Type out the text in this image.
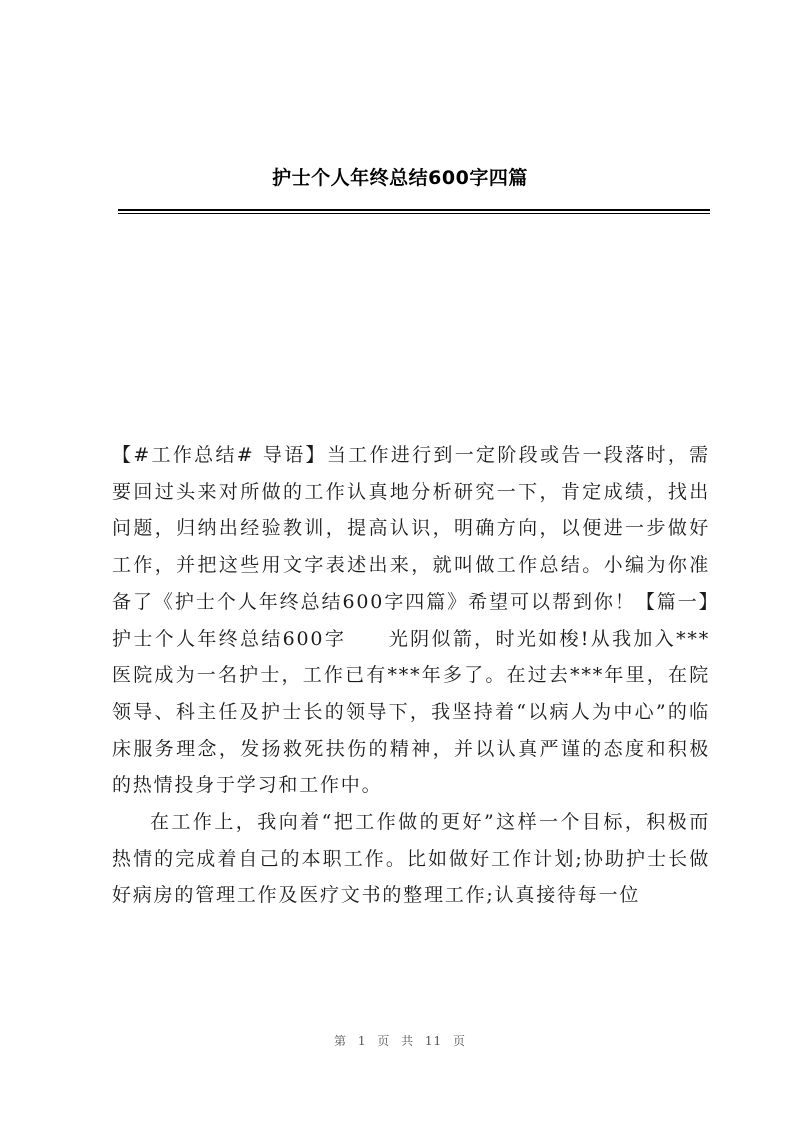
护士个人年终总结600字四篇

【#工作总结# 导语】当工作进行到一定阶段或告一段落时，需要回过头来对所做的工作认真地分析研究一下，肯定成绩，找出问题，归纳出经验教训，提高认识，明确方向，以便进一步做好工作，并把这些用文字表述出来，就叫做工作总结。小编为你准备了《护士个人年终总结600字四篇》希望可以帮到你！【篇一】护士个人年终总结600字　　光阴似箭，时光如梭!从我加入***医院成为一名护士，工作已有***年多了。在过去***年里，在院领导、科主任及护士长的领导下，我坚持着“以病人为中心”的临床服务理念，发扬救死扶伤的精神，并以认真严谨的态度和积极的热情投身于学习和工作中。

在工作上，我向着“把工作做的更好”这样一个目标，积极而热情的完成着自己的本职工作。比如做好工作计划;协助护士长做好病房的管理工作及医疗文书的整理工作;认真接待每一位

第 1 页 共 11 页
